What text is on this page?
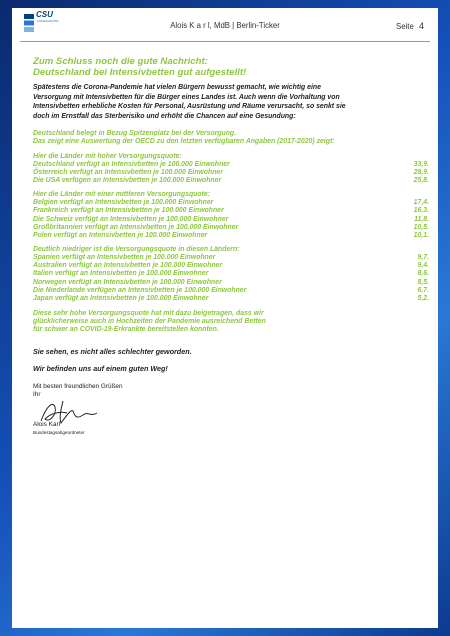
CSU
LANDESGRUPPE	Alois K a r l, MdB | Berlin-Ticker	Seite 4
Zum Schluss noch die gute Nachricht:
Deutschland bei Intensivbetten gut aufgestellt!
Spätestens die Corona-Pandemie hat vielen Bürgern bewusst gemacht, wie wichtig eine
Versorgung mit Intensivbetten für die Bürger eines Landes ist. Auch wenn die Vorhaltung von
Intensivbetten erhebliche Kosten für Personal, Ausrüstung und Räume verursacht, so senkt sie
doch im Ernstfall das Sterberisiko und erhöht die Chancen auf eine Gesundung:
Deutschland belegt in Bezug Spitzenplatz bei der Versorgung.
Das zeigt eine Auswertung der OECD zu den letzten verfügbaren Angaben (2017-2020) zeigt:
Hier die Länder mit hoher Versorgungsquote:
Deutschland verfügt an Intensivbetten je 100.000 Einwohner	33,9.
Österreich verfügt an Intensivbetten je 100.000 Einwohner	28,9.
Die USA verfügen an Intensivbetten je 100.000 Einwohner	25,8.
Hier die Länder mit einer mittleren Versorgungsquote:
Belgien verfügt an Intensivbetten je 100.000 Einwohner	17,4.
Frankreich verfügt an Intensivbetten je 100.000 Einwohner	16,3.
Die Schweiz verfügt an Intensivbetten je 100.000 Einwohner	11,8.
Großbritannien verfügt an Intensivbetten je 100.000 Einwohner	10,5.
Polen verfügt an Intensivbetten je 100.000 Einwohner	10,1.
Deutlich niedriger ist die Versorgungsquote in diesen Ländern:
Spanien verfügt an Intensivbetten je 100.000 Einwohner	9,7.
Australien verfügt an Intensivbetten je 100.000 Einwohner	9,4.
Italien verfügt an Intensivbetten je 100.000 Einwohner	8,6.
Norwegen verfügt an Intensivbetten je 100.000 Einwohner	8,5.
Die Niederlande verfügen an Intensivbetten je 100.000 Einwohner	6,7.
Japan verfügt an Intensivbetten je 100.000 Einwohner	5,2.
Diese sehr hohe Versorgungsquote hat mit dazu beigetragen, dass wir
glücklicherweise auch in Hochzeiten der Pandemie ausreichend Betten
für schwer an COVID-19-Erkrankte bereitstellen konnten.
Sie sehen, es nicht alles schlechter geworden.
Wir befinden uns auf einem guten Weg!
Mit besten freundlichen Grüßen
Ihr
Alois Karl
Bundestagsabgeordneter
